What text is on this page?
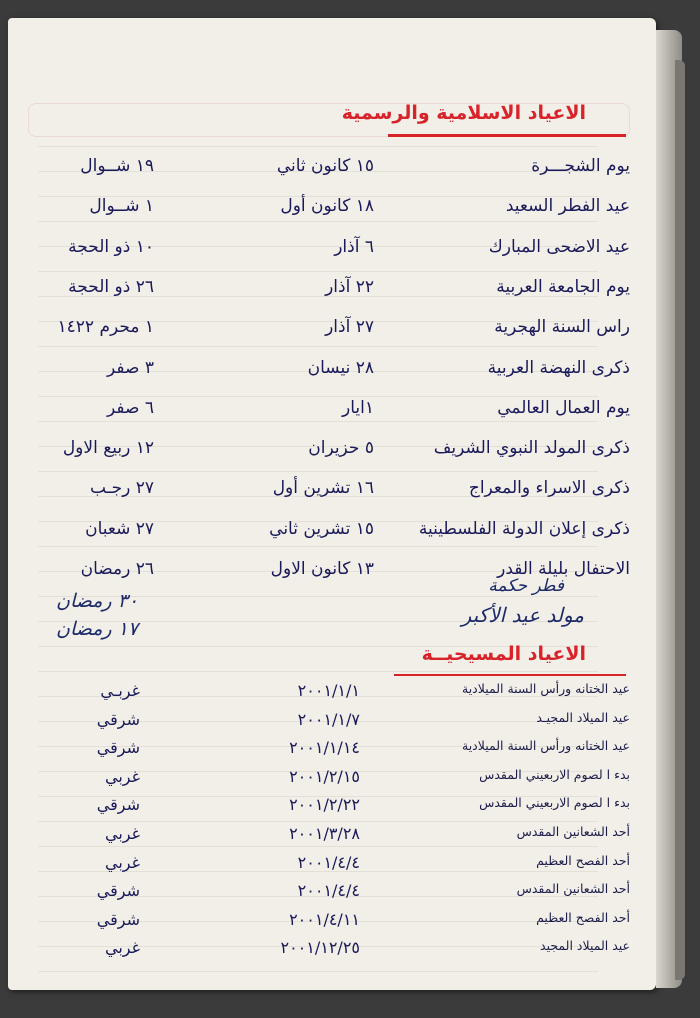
الاعياد الاسلامية والرسمية
يوم الشجـــرة
١٥ كانون ثاني
١٩ شــوال
عيد الفطر السعيد
١٨ كانون أول
١ شــوال
عيد الاضحى المبارك
٦ آذار
١٠ ذو الحجة
يوم الجامعة العربية
٢٢ آذار
٢٦ ذو الحجة
راس السنة الهجرية
٢٧ آذار
١ محرم ١٤٢٢
ذكرى النهضة العربية
٢٨ نيسان
٣ صفر
يوم العمال العالمي
١ايار
٦ صفر
ذكرى المولد النبوي الشريف
٥ حزيران
١٢ ربيع الاول
ذكرى الاسراء والمعراج
١٦ تشرين أول
٢٧ رجـب
ذكرى إعلان الدولة الفلسطينية
١٥ تشرين ثاني
٢٧ شعبان
الاحتفال بليلة القدر
١٣ كانون الاول
٢٦ رمضان
الاعياد المسيحيــة
عيد الختانه ورأس السنة الميلادية
٢٠٠١/١/١
غربـي
عيد الميلاد المجيـد
٢٠٠١/١/٧
شرقي
عيد الختانه ورأس السنة الميلادية
٢٠٠١/١/١٤
شرقي
بدء ا لصوم الاربعيني المقدس
٢٠٠١/٢/١٥
غربي
بدء ا لصوم الاربعيني المقدس
٢٠٠١/٢/٢٢
شرقي
أحد الشعانين المقدس
٢٠٠١/٣/٢٨
غربي
أحد الفصح العظيم
٢٠٠١/٤/٤
غربي
أحد الشعانين المقدس
٢٠٠١/٤/٤
شرقي
أحد الفصح العظيم
٢٠٠١/٤/١١
شرقي
عيد الميلاد المجيد
٢٠٠١/١٢/٢٥
غربي
فطر حكمة
مولد عيد الأكبر
٣٠ رمضان
١٧ رمضان
